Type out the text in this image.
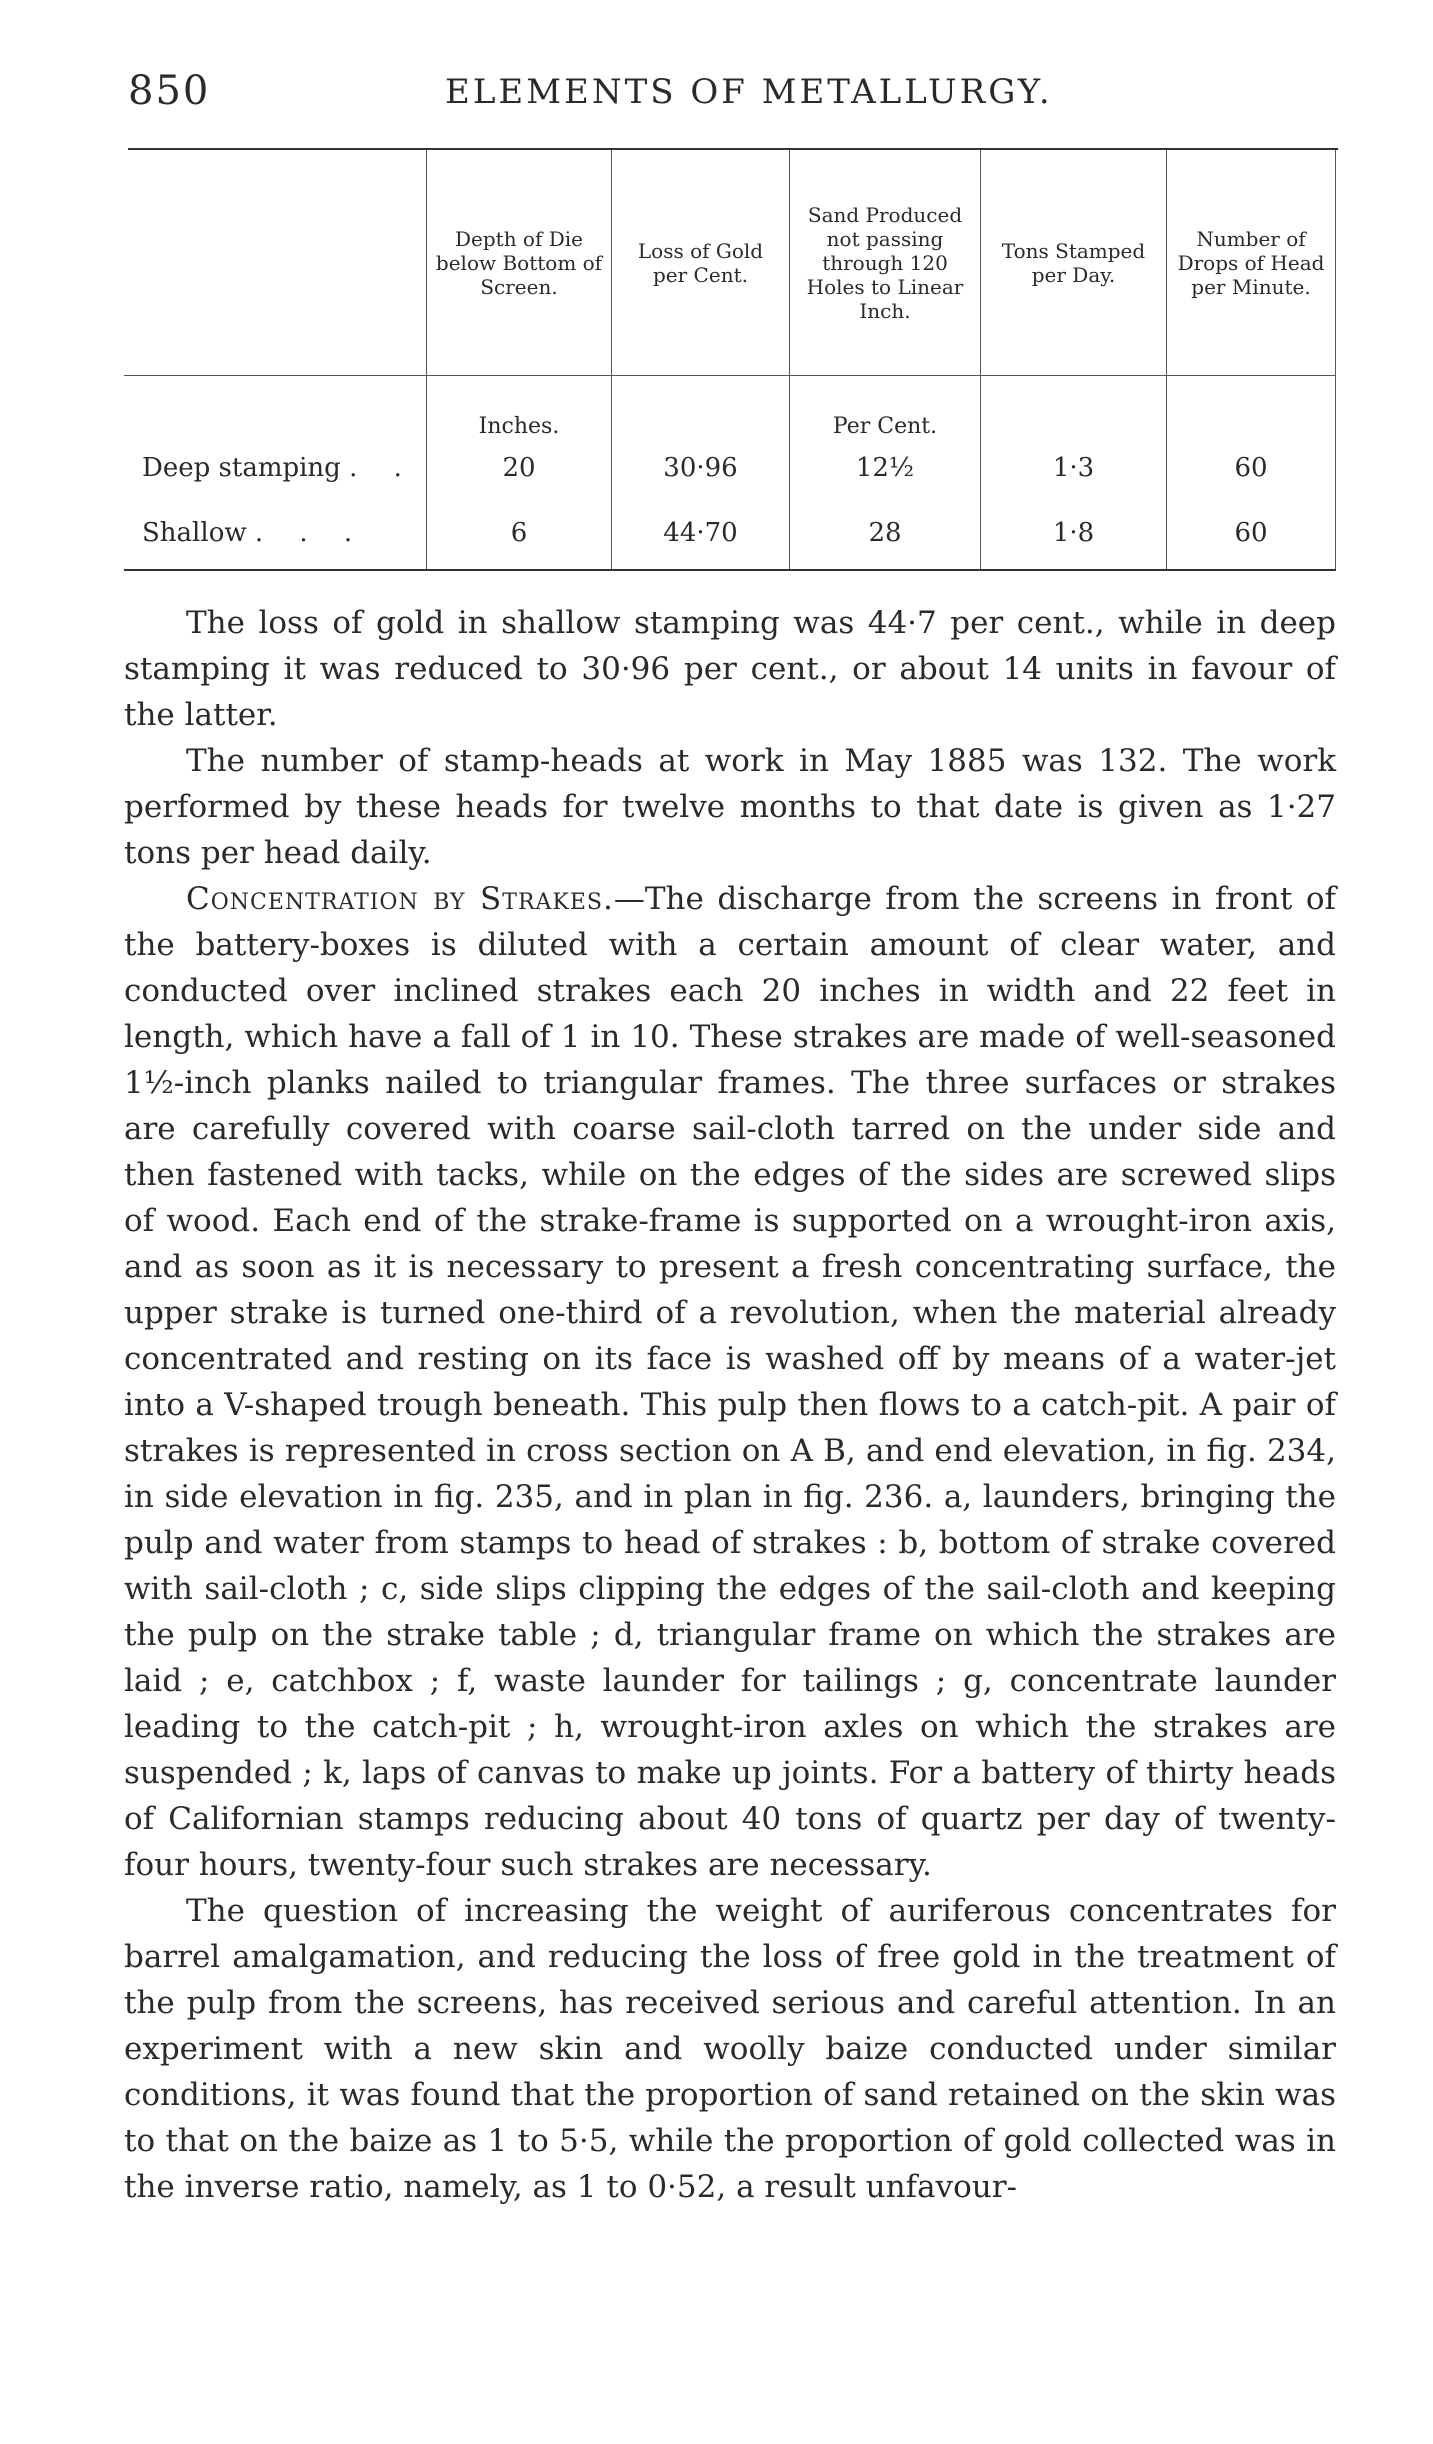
850	ELEMENTS OF METALLURGY.
	Depth of Die below Bottom of Screen.	Loss of Gold per Cent.	Sand Produced not passing through 120 Holes to Linear Inch.	Tons Stamped per Day.	Number of Drops of Head per Minute.
	Inches.		Per Cent.		
Deep stamping . .	20	30·96	12½	1·3	60
Shallow . . .	6	44·70	28	1·8	60

The loss of gold in shallow stamping was 44·7 per cent., while in deep stamping it was reduced to 30·96 per cent., or about 14 units in favour of the latter.

The number of stamp-heads at work in May 1885 was 132. The work performed by these heads for twelve months to that date is given as 1·27 tons per head daily.

Concentration by Strakes.—The discharge from the screens in front of the battery-boxes is diluted with a certain amount of clear water, and conducted over inclined strakes each 20 inches in width and 22 feet in length, which have a fall of 1 in 10. These strakes are made of well-seasoned 1½-inch planks nailed to triangular frames. The three surfaces or strakes are carefully covered with coarse sail-cloth tarred on the under side and then fastened with tacks, while on the edges of the sides are screwed slips of wood. Each end of the strake-frame is supported on a wrought-iron axis, and as soon as it is necessary to present a fresh concentrating surface, the upper strake is turned one-third of a revolution, when the material already concentrated and resting on its face is washed off by means of a water-jet into a V-shaped trough beneath. This pulp then flows to a catch-pit. A pair of strakes is represented in cross section on A B, and end elevation, in fig. 234, in side elevation in fig. 235, and in plan in fig. 236. a, launders, bringing the pulp and water from stamps to head of strakes : b, bottom of strake covered with sail-cloth ; c, side slips clipping the edges of the sail-cloth and keeping the pulp on the strake table ; d, triangular frame on which the strakes are laid ; e, catchbox ; f, waste launder for tailings ; g, concentrate launder leading to the catch-pit ; h, wrought-iron axles on which the strakes are suspended ; k, laps of canvas to make up joints. For a battery of thirty heads of Californian stamps reducing about 40 tons of quartz per day of twenty-four hours, twenty-four such strakes are necessary.

The question of increasing the weight of auriferous concentrates for barrel amalgamation, and reducing the loss of free gold in the treatment of the pulp from the screens, has received serious and careful attention. In an experiment with a new skin and woolly baize conducted under similar conditions, it was found that the proportion of sand retained on the skin was to that on the baize as 1 to 5·5, while the proportion of gold collected was in the inverse ratio, namely, as 1 to 0·52, a result unfavour-
